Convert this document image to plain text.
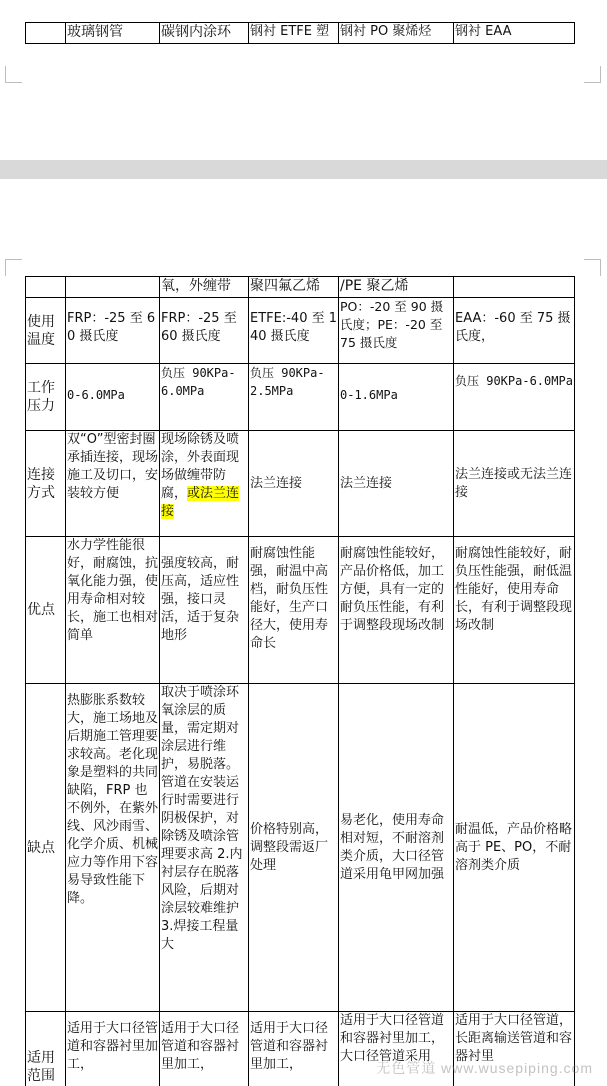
	玻璃钢管	碳钢内涂环	钢衬 ETFE 塑	钢衬 PO 聚烯烃	钢衬 EAA
		氧，外缠带	聚四氟乙烯	/PE 聚乙烯	
使用温度	FRP：-25 至 60 摄氏度	FRP：-25 至 60 摄氏度	ETFE:-40 至 140 摄氏度	PO：-20 至 90 摄氏度；PE：-20 至 75 摄氏度	EAA：-60 至 75 摄氏度，
工作压力	0-6.0MPa	负压 90KPa-6.0MPa	负压 90KPa-2.5MPa	0-1.6MPa	负压 90KPa-6.0MPa
连接方式	双“O”型密封圈承插连接，现场施工及切口，安装较方便	现场除锈及喷涂，外表面现场做缠带防腐，或法兰连接	法兰连接	法兰连接	法兰连接或无法兰连接
优点	水力学性能很好，耐腐蚀，抗氧化能力强，使用寿命相对较长，施工也相对简单	强度较高，耐压高，适应性强，接口灵活，适于复杂地形	耐腐蚀性能强，耐温中高档，耐负压性能好，生产口径大，使用寿命长	耐腐蚀性能较好，产品价格低，加工方便，具有一定的耐负压性能，有利于调整段现场改制	耐腐蚀性能较好，耐负压性能强，耐低温性能好，使用寿命长，有利于调整段现场改制
缺点	热膨胀系数较大，施工场地及后期施工管理要求较高。老化现象是塑料的共同缺陷，FRP 也不例外，在紫外线、风沙雨雪、化学介质、机械应力等作用下容易导致性能下降。	取决于喷涂环氧涂层的质量，需定期对涂层进行维护，易脱落。管道在安装运行时需要进行阴极保护，对除锈及喷涂管理要求高 2.内衬层存在脱落风险，后期对涂层较难维护 3.焊接工程量大	价格特别高，调整段需返厂处理	易老化，使用寿命相对短，不耐溶剂类介质，大口径管道采用龟甲网加强	耐温低，产品价格略高于 PE、PO，不耐溶剂类介质
适用范围	适用于大口径管道和容器衬里加工，	适用于大口径管道和容器衬里加工，	适用于大口径管道和容器衬里加工，	适用于大口径管道和容器衬里加工，大口径管道采用	适用于大口径管道，长距离输送管道和容器衬里
无色管道 www.wusepiping.com
